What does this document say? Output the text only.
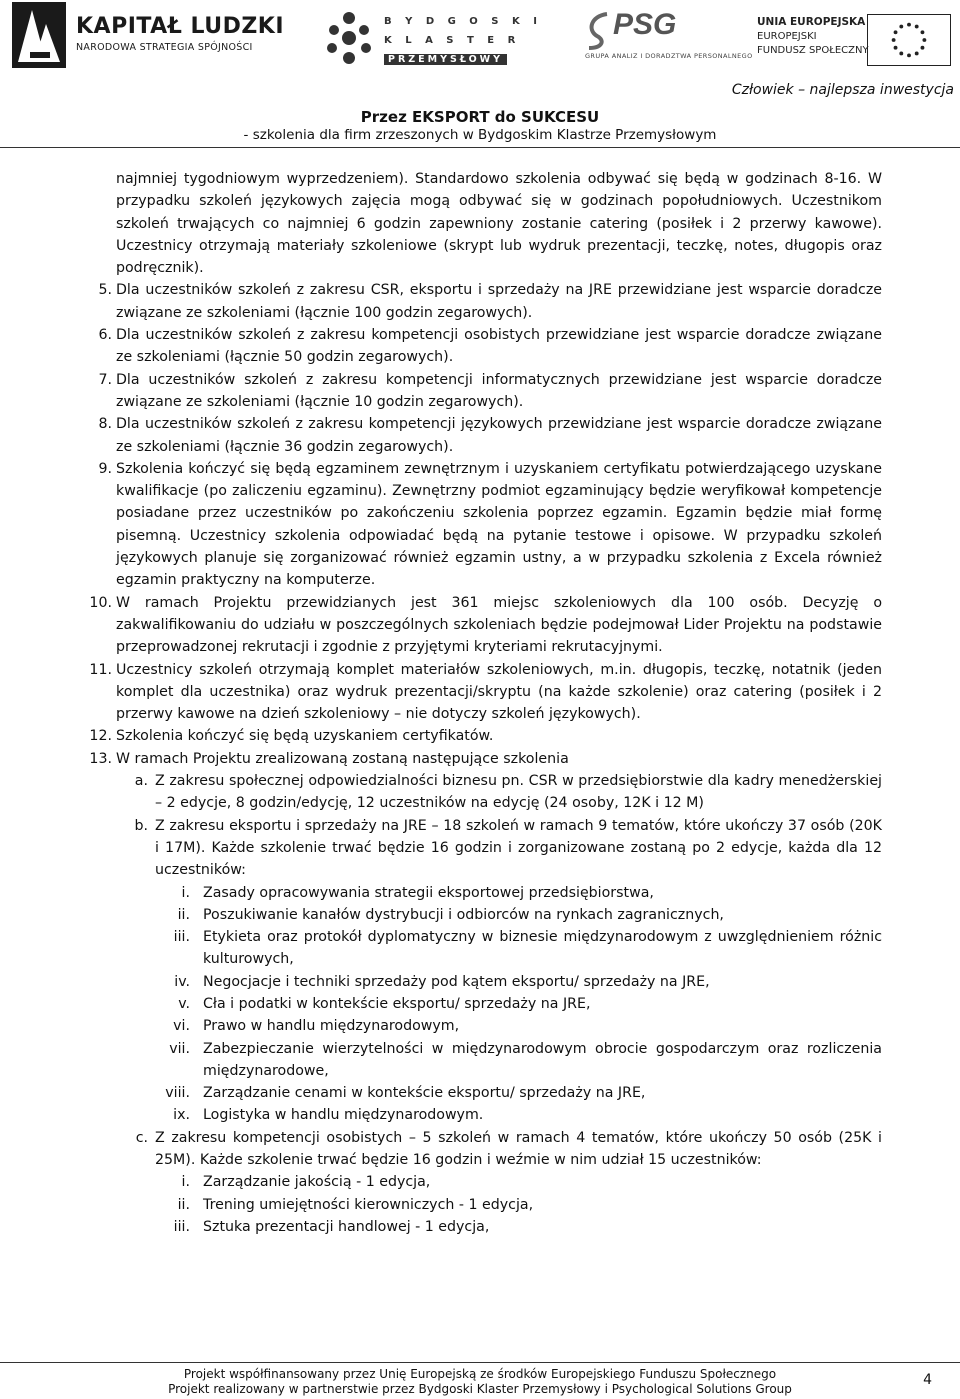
KAPITAŁ LUDZKI
NARODOWA STRATEGIA SPÓJNOŚCI
B Y D G O S K I
K L A S T E R
PRZEMYSŁOWY
PSG
GRUPA ANALIZ I DORADZTWA PERSONALNEGO
UNIA EUROPEJSKA
EUROPEJSKI
FUNDUSZ SPOŁECZNY
Człowiek – najlepsza inwestycja
Przez EKSPORT do SUKCESU
- szkolenia dla firm zrzeszonych w Bydgoskim Klastrze Przemysłowym
najmniej tygodniowym wyprzedzeniem). Standardowo szkolenia odbywać się będą w godzinach 8-16. W przypadku szkoleń językowych zajęcia mogą odbywać się w godzinach popołudniowych. Uczestnikom szkoleń trwających co najmniej 6 godzin zapewniony zostanie catering (posiłek i 2 przerwy kawowe). Uczestnicy otrzymają materiały szkoleniowe (skrypt lub wydruk prezentacji, teczkę, notes, długopis oraz podręcznik).
5. Dla uczestników szkoleń z zakresu CSR, eksportu i sprzedaży na JRE przewidziane jest wsparcie doradcze związane ze szkoleniami (łącznie 100 godzin zegarowych).
6. Dla uczestników szkoleń z zakresu kompetencji osobistych przewidziane jest wsparcie doradcze związane ze szkoleniami (łącznie 50 godzin zegarowych).
7. Dla uczestników szkoleń z zakresu kompetencji informatycznych przewidziane jest wsparcie doradcze związane ze szkoleniami (łącznie 10 godzin zegarowych).
8. Dla uczestników szkoleń z zakresu kompetencji językowych przewidziane jest wsparcie doradcze związane ze szkoleniami (łącznie 36 godzin zegarowych).
9. Szkolenia kończyć się będą egzaminem zewnętrznym i uzyskaniem certyfikatu potwierdzającego uzyskane kwalifikacje (po zaliczeniu egzaminu). Zewnętrzny podmiot egzaminujący będzie weryfikował kompetencje posiadane przez uczestników po zakończeniu szkolenia poprzez egzamin. Egzamin będzie miał formę pisemną. Uczestnicy szkolenia odpowiadać będą na pytanie testowe i opisowe. W przypadku szkoleń językowych planuje się zorganizować również egzamin ustny, a w przypadku szkolenia z Excela również egzamin praktyczny na komputerze.
10. W ramach Projektu przewidzianych jest 361 miejsc szkoleniowych dla 100 osób. Decyzję o zakwalifikowaniu do udziału w poszczególnych szkoleniach będzie podejmował Lider Projektu na podstawie przeprowadzonej rekrutacji i zgodnie z przyjętymi kryteriami rekrutacyjnymi.
11. Uczestnicy szkoleń otrzymają komplet materiałów szkoleniowych, m.in. długopis, teczkę, notatnik (jeden komplet dla uczestnika) oraz wydruk prezentacji/skryptu (na każde szkolenie) oraz catering (posiłek i 2 przerwy kawowe na dzień szkoleniowy – nie dotyczy szkoleń językowych).
12. Szkolenia kończyć się będą uzyskaniem certyfikatów.
13. W ramach Projektu zrealizowaną zostaną następujące szkolenia
a. Z zakresu społecznej odpowiedzialności biznesu pn. CSR w przedsiębiorstwie dla kadry menedżerskiej – 2 edycje, 8 godzin/edycję, 12 uczestników na edycję (24 osoby, 12K i 12 M)
b. Z zakresu eksportu i sprzedaży na JRE – 18 szkoleń w ramach 9 tematów, które ukończy 37 osób (20K i 17M). Każde szkolenie trwać będzie 16 godzin i zorganizowane zostaną po 2 edycje, każda dla 12 uczestników:
i. Zasady opracowywania strategii eksportowej przedsiębiorstwa,
ii. Poszukiwanie kanałów dystrybucji i odbiorców na rynkach zagranicznych,
iii. Etykieta oraz protokół dyplomatyczny w biznesie międzynarodowym z uwzględnieniem różnic kulturowych,
iv. Negocjacje i techniki sprzedaży pod kątem eksportu/ sprzedaży na JRE,
v. Cła i podatki w kontekście eksportu/ sprzedaży na JRE,
vi. Prawo w handlu międzynarodowym,
vii. Zabezpieczanie wierzytelności w międzynarodowym obrocie gospodarczym oraz rozliczenia międzynarodowe,
viii. Zarządzanie cenami w kontekście eksportu/ sprzedaży na JRE,
ix. Logistyka w handlu międzynarodowym.
c. Z zakresu kompetencji osobistych – 5 szkoleń w ramach 4 tematów, które ukończy 50 osób (25K i 25M). Każde szkolenie trwać będzie 16 godzin i weźmie w nim udział 15 uczestników:
i. Zarządzanie jakością - 1 edycja,
ii. Trening umiejętności kierowniczych - 1 edycja,
iii. Sztuka prezentacji handlowej - 1 edycja,
Projekt współfinansowany przez Unię Europejską ze środków Europejskiego Funduszu Społecznego
Projekt realizowany w partnerstwie przez Bydgoski Klaster Przemysłowy i Psychological Solutions Group
4
